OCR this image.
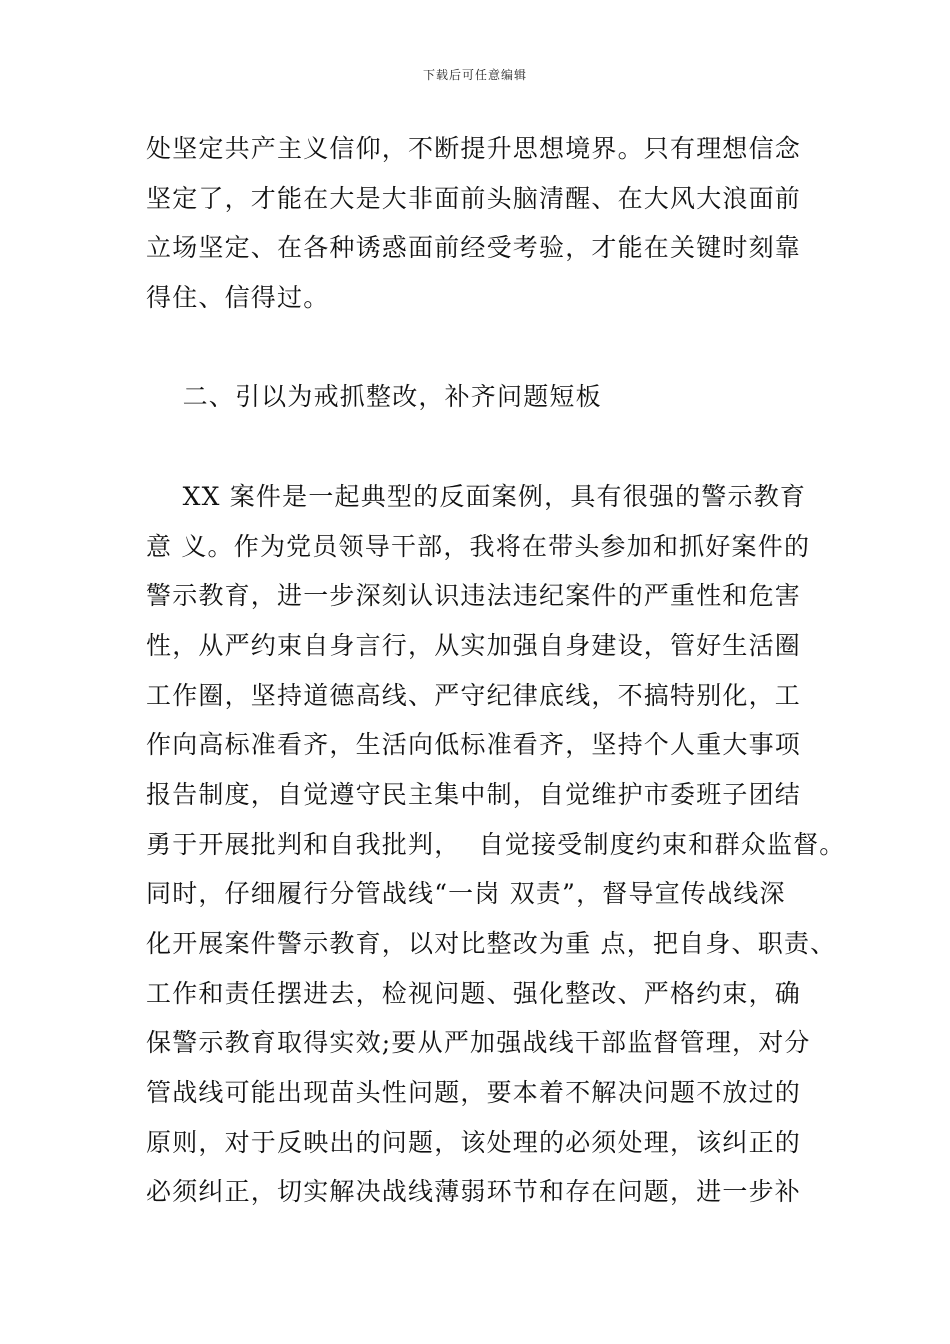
下载后可任意编辑
处坚定共产主义信仰，不断提升思想境界。只有理想信念
坚定了，才能在大是大非面前头脑清醒、在大风大浪面前
立场坚定、在各种诱惑面前经受考验，才能在关键时刻靠
得住、信得过。
二、引以为戒抓整改，补齐问题短板
XX 案件是一起典型的反面案例，具有很强的警示教育
意 义。作为党员领导干部，我将在带头参加和抓好案件的
警示教育，进一步深刻认识违法违纪案件的严重性和危害
性，从严约束自身言行，从实加强自身建设，管好生活圈
工作圈，坚持道德高线、严守纪律底线，不搞特别化，工
作向高标准看齐，生活向低标准看齐，坚持个人重大事项
报告制度，自觉遵守民主集中制，自觉维护市委班子团结
勇于开展批判和自我批判，  自觉接受制度约束和群众监督。
同时，仔细履行分管战线“一岗 双责”，督导宣传战线深
化开展案件警示教育，以对比整改为重 点，把自身、职责、
工作和责任摆进去，检视问题、强化整改、严格约束，确
保警示教育取得实效;要从严加强战线干部监督管理，对分
管战线可能出现苗头性问题，要本着不解决问题不放过的
原则，对于反映出的问题，该处理的必须处理，该纠正的
必须纠正，切实解决战线薄弱环节和存在问题，进一步补
